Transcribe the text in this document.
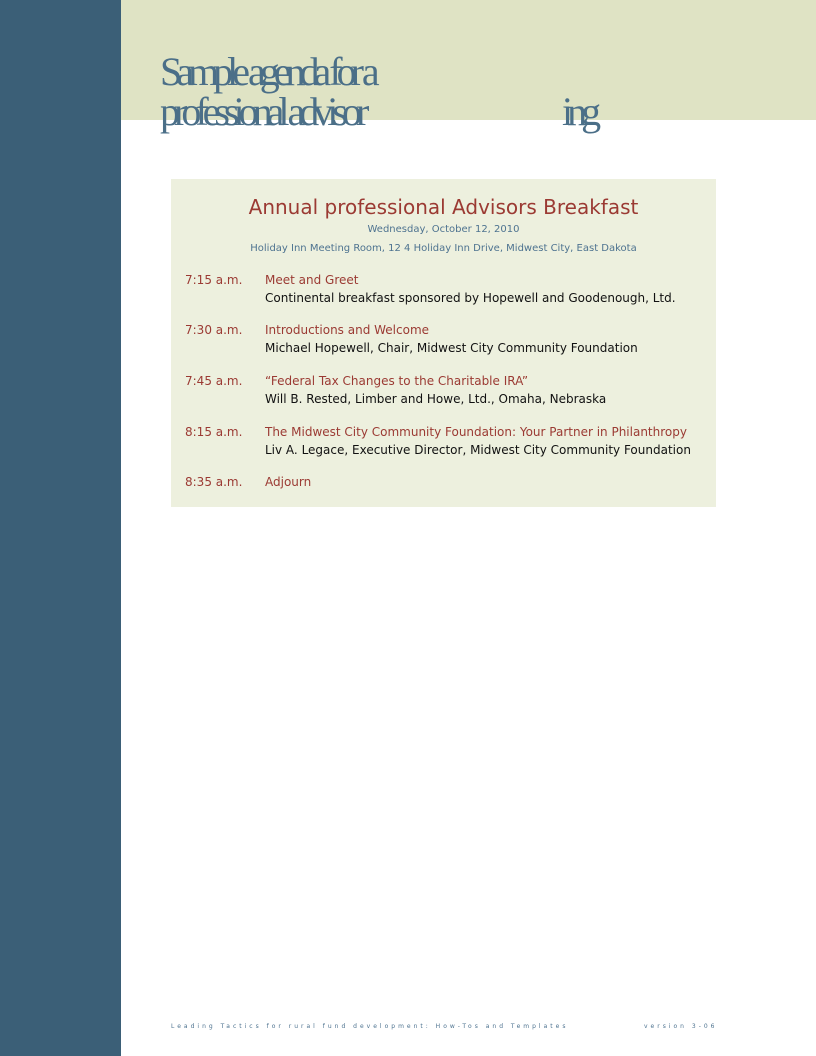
Sample agenda for a
professional advisor	ing
Annual professional Advisors Breakfast
Wednesday, October 12, 2010
Holiday Inn Meeting Room, 12 4 Holiday Inn Drive, Midwest City, East Dakota
7:15 a.m. Meet and Greet
Continental breakfast sponsored by Hopewell and Goodenough, Ltd.
7:30 a.m. Introductions and Welcome
Michael Hopewell, Chair, Midwest City Community Foundation
7:45 a.m. “Federal Tax Changes to the Charitable IRA”
Will B. Rested, Limber and Howe, Ltd., Omaha, Nebraska
8:15 a.m. The Midwest City Community Foundation: Your Partner in Philanthropy
Liv A. Legace, Executive Director, Midwest City Community Foundation
8:35 a.m. Adjourn
Leading Tactics for rural fund development: How-Tos and Templates	version 3-06
